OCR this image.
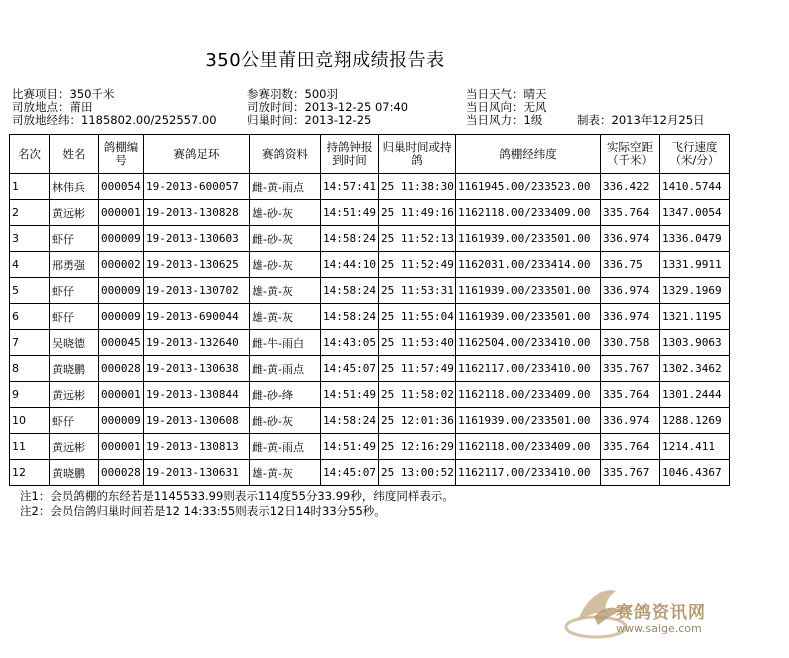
350公里莆田竞翔成绩报告表
比赛项目：350千米
司放地点：莆田
司放地经纬：1185802.00/252557.00
参赛羽数：500羽
司放时间：2013-12-25 07:40
归巢时间：2013-12-25
当日天气：晴天
当日风向：无风
当日风力：1级	制表：2013年12月25日
名次	姓名	鸽棚编号	赛鸽足环	赛鸽资料	持鸽钟报到时间	归巢时间或持鸽	鸽棚经纬度	实际空距（千米）	飞行速度（米/分）
1	林伟兵	000054	19-2013-600057	雌-黄-雨点	14:57:41	25 11:38:30	1161945.00/233523.00	336.422	1410.5744
2	黄远彬	000001	19-2013-130828	雄-砂-灰	14:51:49	25 11:49:16	1162118.00/233409.00	335.764	1347.0054
3	虾仔	000009	19-2013-130603	雌-砂-灰	14:58:24	25 11:52:13	1161939.00/233501.00	336.974	1336.0479
4	邢勇强	000002	19-2013-130625	雄-砂-灰	14:44:10	25 11:52:49	1162031.00/233414.00	336.75	1331.9911
5	虾仔	000009	19-2013-130702	雄-黄-灰	14:58:24	25 11:53:31	1161939.00/233501.00	336.974	1329.1969
6	虾仔	000009	19-2013-690044	雄-黄-灰	14:58:24	25 11:55:04	1161939.00/233501.00	336.974	1321.1195
7	吴晓德	000045	19-2013-132640	雌-牛-雨白	14:43:05	25 11:53:40	1162504.00/233410.00	330.758	1303.9063
8	黄晓鹏	000028	19-2013-130638	雌-黄-雨点	14:45:07	25 11:57:49	1162117.00/233410.00	335.767	1302.3462
9	黄远彬	000001	19-2013-130844	雌-砂-绛	14:51:49	25 11:58:02	1162118.00/233409.00	335.764	1301.2444
10	虾仔	000009	19-2013-130608	雌-砂-灰	14:58:24	25 12:01:36	1161939.00/233501.00	336.974	1288.1269
11	黄远彬	000001	19-2013-130813	雌-黄-雨点	14:51:49	25 12:16:29	1162118.00/233409.00	335.764	1214.411
12	黄晓鹏	000028	19-2013-130631	雄-黄-灰	14:45:07	25 13:00:52	1162117.00/233410.00	335.767	1046.4367
注1：会员鸽棚的东经若是1145533.99则表示114度55分33.99秒，纬度同样表示。
注2：会员信鸽归巢时间若是12 14:33:55则表示12日14时33分55秒。
赛鸽资讯网
www.saige.com
